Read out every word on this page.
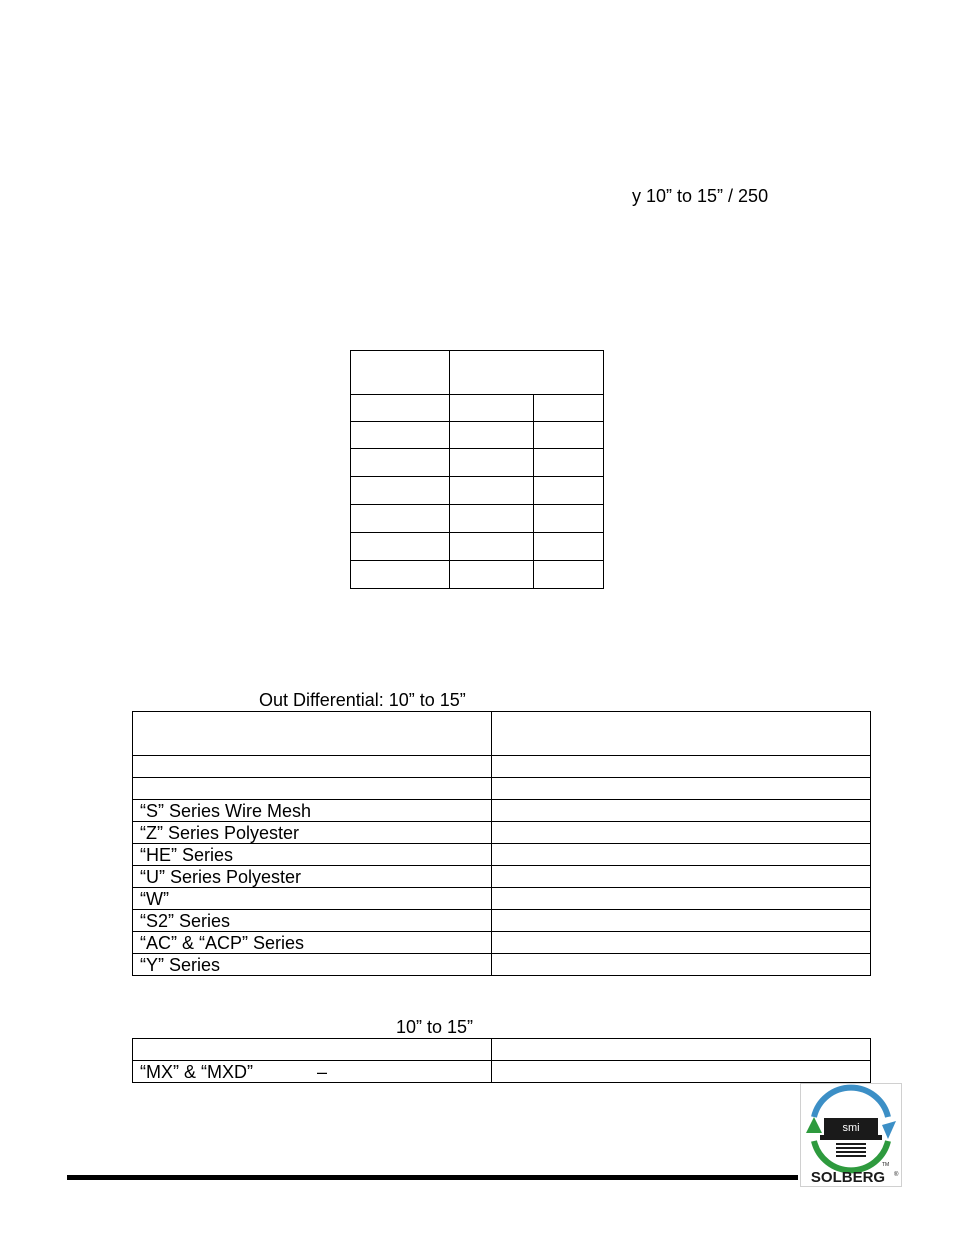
y 10” to 15” / 250

Out Differential: 10” to 15”

“S” Series Wire Mesh	
“Z” Series Polyester	
“HE” Series	
“U” Series Polyester	
“W”	
“S2” Series	
“AC” & “ACP” Series	
“Y” Series	
10” to 15”

“MX” & “MXD” –	
smi
TM
SOLBERG ®
